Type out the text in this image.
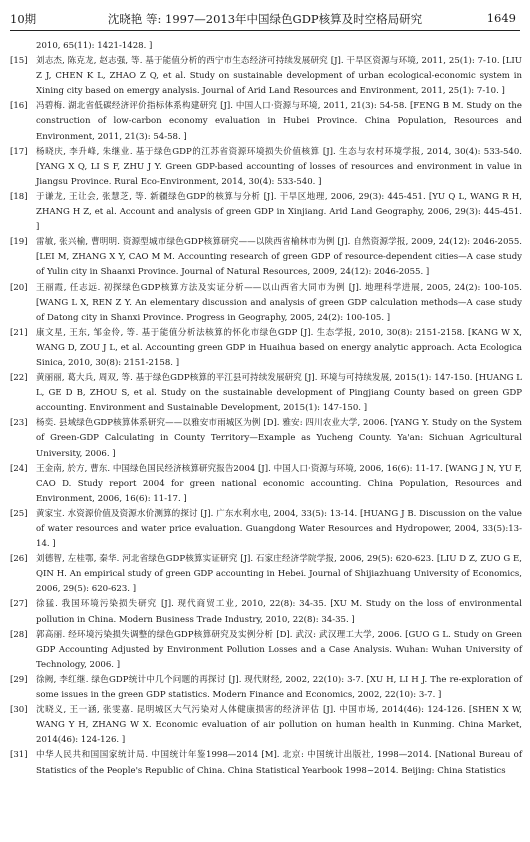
10期	沈晓艳 等: 1997—2013年中国绿色GDP核算及时空格局研究	1649
2010, 65(11): 1421-1428. ]
[15] 刘志杰, 陈克龙, 赵志强, 等. 基于能值分析的西宁市生态经济可持续发展研究 [J]. 干旱区资源与环境, 2011, 25(1): 7-10. [LIU Z J, CHEN K L, ZHAO Z Q, et al. Study on sustainable development of urban ecological-economic system in Xining city based on emergy analysis. Journal of Arid Land Resources and Environment, 2011, 25(1): 7-10. ]
[16] 冯碧梅. 湖北省低碳经济评价指标体系构建研究 [J]. 中国人口·资源与环境, 2011, 21(3): 54-58. [FENG B M. Study on the construction of low-carbon economy evaluation in Hubei Province. China Population, Resources and Environment, 2011, 21(3): 54-58. ]
[17] 杨晓庆, 李升峰, 朱继业. 基于绿色GDP的江苏省资源环境损失价值核算 [J]. 生态与农村环境学报, 2014, 30(4): 533-540. [YANG X Q, LI S F, ZHU J Y. Green GDP-based accounting of losses of resources and environment in value in Jiangsu Province. Rural Eco-Environment, 2014, 30(4): 533-540. ]
[18] 于谦龙, 王让会, 张慧芝, 等. 新疆绿色GDP的核算与分析 [J]. 干旱区地理, 2006, 29(3): 445-451. [YU Q L, WANG R H, ZHANG H Z, et al. Account and analysis of green GDP in Xinjiang. Arid Land Geography, 2006, 29(3): 445-451. ]
[19] 雷敏, 张兴榆, 曹明明. 资源型城市绿色GDP核算研究——以陕西省榆林市为例 [J]. 自然资源学报, 2009, 24(12): 2046-2055. [LEI M, ZHANG X Y, CAO M M. Accounting research of green GDP of resource-dependent cities—A case study of Yulin city in Shaanxi Province. Journal of Natural Resources, 2009, 24(12): 2046-2055. ]
[20] 王丽霞, 任志远. 初探绿色GDP核算方法及实证分析——以山西省大同市为例 [J]. 地理科学进展, 2005, 24(2): 100-105. [WANG L X, REN Z Y. An elementary discussion and analysis of green GDP calculation methods—A case study of Datong city in Shanxi Province. Progress in Geography, 2005, 24(2): 100-105. ]
[21] 康文星, 王东, 邹金伶, 等. 基于能值分析法核算的怀化市绿色GDP [J]. 生态学报, 2010, 30(8): 2151-2158. [KANG W X, WANG D, ZOU J L, et al. Accounting green GDP in Huaihua based on energy analytic approach. Acta Ecologica Sinica, 2010, 30(8): 2151-2158. ]
[22] 黄丽丽, 葛大兵, 周双, 等. 基于绿色GDP核算的平江县可持续发展研究 [J]. 环境与可持续发展, 2015(1): 147-150. [HUANG L L, GE D B, ZHOU S, et al. Study on the sustainable development of Pingjiang County based on green GDP accounting. Environment and Sustainable Development, 2015(1): 147-150. ]
[23] 杨奕. 县域绿色GDP核算体系研究——以雅安市雨城区为例 [D]. 雅安: 四川农业大学, 2006. [YANG Y. Study on the System of Green-GDP Calculating in County Territory—Example as Yucheng County. Ya'an: Sichuan Agricultural University, 2006. ]
[24] 王金南, 於方, 曹东. 中国绿色国民经济核算研究报告2004 [J]. 中国人口·资源与环境, 2006, 16(6): 11-17. [WANG J N, YU F, CAO D. Study report 2004 for green national economic accounting. China Population, Resources and Environment, 2006, 16(6): 11-17. ]
[25] 黄家宝. 水资源价值及资源水价测算的探讨 [J]. 广东水利水电, 2004, 33(5): 13-14. [HUANG J B. Discussion on the value of water resources and water price evaluation. Guangdong Water Resources and Hydropower, 2004, 33(5):13-14. ]
[26] 刘德智, 左桂鄂, 秦华. 河北省绿色GDP核算实证研究 [J]. 石家庄经济学院学报, 2006, 29(5): 620-623. [LIU D Z, ZUO G E, QIN H. An empirical study of green GDP accounting in Hebei. Journal of Shijiazhuang University of Economics, 2006, 29(5): 620-623. ]
[27] 徐猛. 我国环境污染损失研究 [J]. 现代商贸工业, 2010, 22(8): 34-35. [XU M. Study on the loss of environmental pollution in China. Modern Business Trade Industry, 2010, 22(8): 34-35. ]
[28] 郭高丽. 经环境污染损失调整的绿色GDP核算研究及实例分析 [D]. 武汉: 武汉理工大学, 2006. [GUO G L. Study on Green GDP Accounting Adjusted by Environment Pollution Losses and a Case Analysis. Wuhan: Wuhan University of Technology, 2006. ]
[29] 徐阙, 李红继. 绿色GDP统计中几个问题的再探讨 [J]. 现代财经, 2002, 22(10): 3-7. [XU H, LI H J. The re-exploration of some issues in the green GDP statistics. Modern Finance and Economics, 2002, 22(10): 3-7. ]
[30] 沈晓义, 王一涵, 张雯嘉. 昆明城区大气污染对人体健康损害的经济评估 [J]. 中国市场, 2014(46): 124-126. [SHEN X W, WANG Y H, ZHANG W X. Economic evaluation of air pollution on human health in Kunming. China Market, 2014(46): 124-126. ]
[31] 中华人民共和国国家统计局. 中国统计年鉴1998—2014 [M]. 北京: 中国统计出版社, 1998—2014. [National Bureau of Statistics of the People's Republic of China. China Statistical Yearbook 1998~2014. Beijing: China Statistics
